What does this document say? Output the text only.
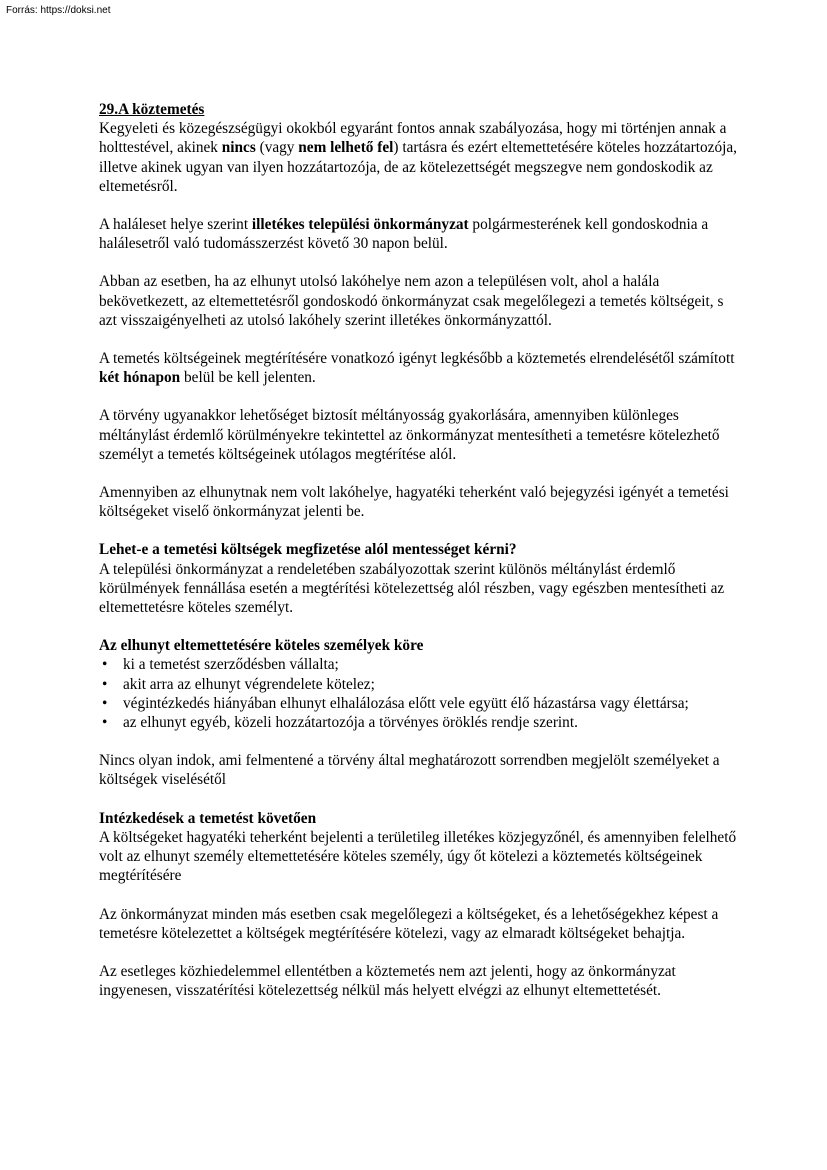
Forrás: https://doksi.net

29.A köztemetés
Kegyeleti és közegészségügyi okokból egyaránt fontos annak szabályozása, hogy mi történjen annak a holttestével, akinek nincs (vagy nem lelhető fel) tartásra és ezért eltemettetésére köteles hozzátartozója, illetve akinek ugyan van ilyen hozzátartozója, de az kötelezettségét megszegve nem gondoskodik az eltemetésről.

A haláleset helye szerint illetékes települési önkormányzat polgármesterének kell gondoskodnia a halálesetről való tudomásszerzést követő 30 napon belül.

Abban az esetben, ha az elhunyt utolsó lakóhelye nem azon a településen volt, ahol a halála bekövetkezett, az eltemettetésről gondoskodó önkormányzat csak megelőlegezi a temetés költségeit, s azt visszaigényelheti az utolsó lakóhely szerint illetékes önkormányzattól.

A temetés költségeinek megtérítésére vonatkozó igényt legkésőbb a köztemetés elrendelésétől számított két hónapon belül be kell jelenten.

A törvény ugyanakkor lehetőséget biztosít méltányosság gyakorlására, amennyiben különleges méltánylást érdemlő körülményekre tekintettel az önkormányzat mentesítheti a temetésre kötelezhető személyt a temetés költségeinek utólagos megtérítése alól.

Amennyiben az elhunytnak nem volt lakóhelye, hagyatéki teherként való bejegyzési igényét a temetési költségeket viselő önkormányzat jelenti be.

Lehet-e a temetési költségek megfizetése alól mentességet kérni?
A települési önkormányzat a rendeletében szabályozottak szerint különös méltánylást érdemlő körülmények fennállása esetén a megtérítési kötelezettség alól részben, vagy egészben mentesítheti az eltemettetésre köteles személyt.

Az elhunyt eltemettetésére köteles személyek köre
• ki a temetést szerződésben vállalta;
• akit arra az elhunyt végrendelete kötelez;
• végintézkedés hiányában elhunyt elhalálozása előtt vele együtt élő házastársa vagy élettársa;
• az elhunyt egyéb, közeli hozzátartozója a törvényes öröklés rendje szerint.

Nincs olyan indok, ami felmentené a törvény által meghatározott sorrendben megjelölt személyeket a költségek viselésétől

Intézkedések a temetést követően
A költségeket hagyatéki teherként bejelenti a területileg illetékes közjegyzőnél, és amennyiben felelhető volt az elhunyt személy eltemettetésére köteles személy, úgy őt kötelezi a köztemetés költségeinek megtérítésére

Az önkormányzat minden más esetben csak megelőlegezi a költségeket, és a lehetőségekhez képest a temetésre kötelezettet a költségek megtérítésére kötelezi, vagy az elmaradt költségeket behajtja.

Az esetleges közhiedelemmel ellentétben a köztemetés nem azt jelenti, hogy az önkormányzat ingyenesen, visszatérítési kötelezettség nélkül más helyett elvégzi az elhunyt eltemettetését.
